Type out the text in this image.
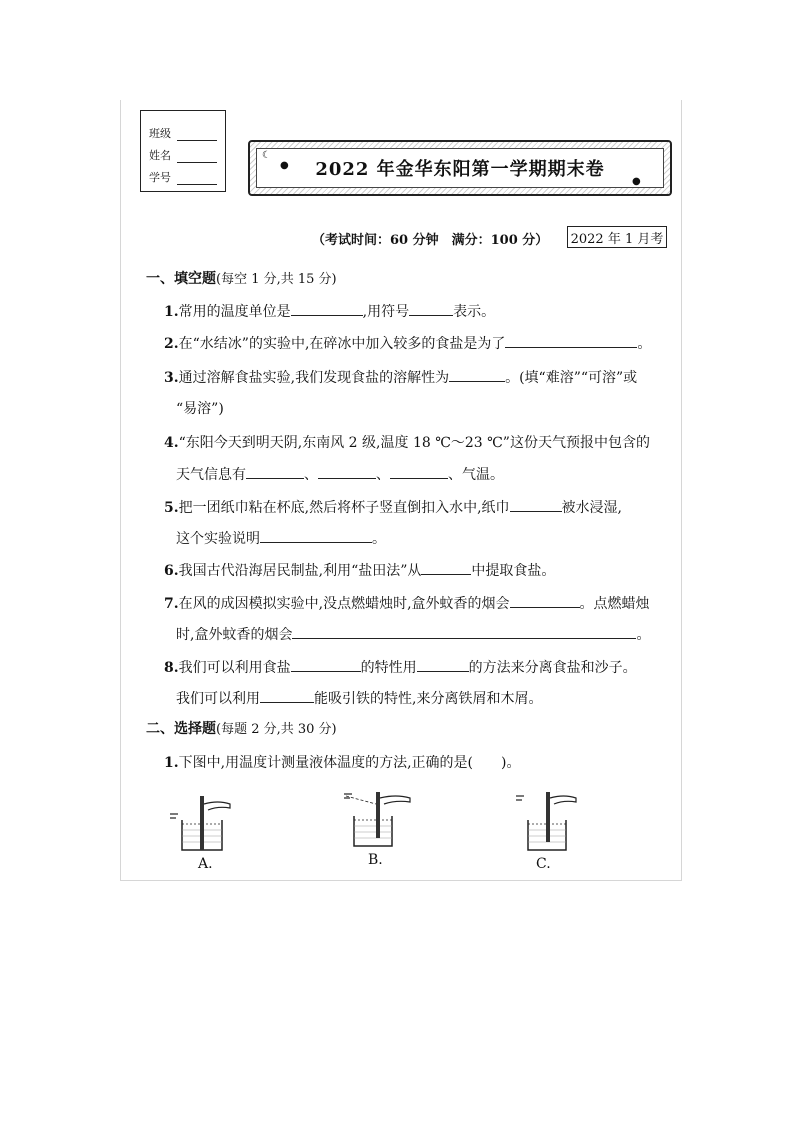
班级
姓名
学号	2022 年金华东阳第一学期期末卷
☾
●
●
（考试时间：60 分钟　满分：100 分） 2022 年 1 月考
一、填空题(每空 1 分,共 15 分)
1.常用的温度单位是	,用符号	表示。
2.在“水结冰”的实验中,在碎冰中加入较多的食盐是为了	。
3.通过溶解食盐实验,我们发现食盐的溶解性为	。(填“难溶”“可溶”或
“易溶”)
4.“东阳今天到明天阴,东南风 2 级,温度 18 ℃～23 ℃”这份天气预报中包含的
天气信息有	、	、	、气温。
5.把一团纸巾粘在杯底,然后将杯子竖直倒扣入水中,纸巾	被水浸湿,
这个实验说明	。
6.我国古代沿海居民制盐,利用“盐田法”从	中提取食盐。
7.在风的成因模拟实验中,没点燃蜡烛时,盒外蚊香的烟会	。点燃蜡烛
时,盒外蚊香的烟会	。
8.我们可以利用食盐	的特性用	的方法来分离食盐和沙子。
我们可以利用	能吸引铁的特性,来分离铁屑和木屑。
二、选择题(每题 2 分,共 30 分)
1.下图中,用温度计测量液体温度的方法,正确的是(　　)。
A.	B.	C.
